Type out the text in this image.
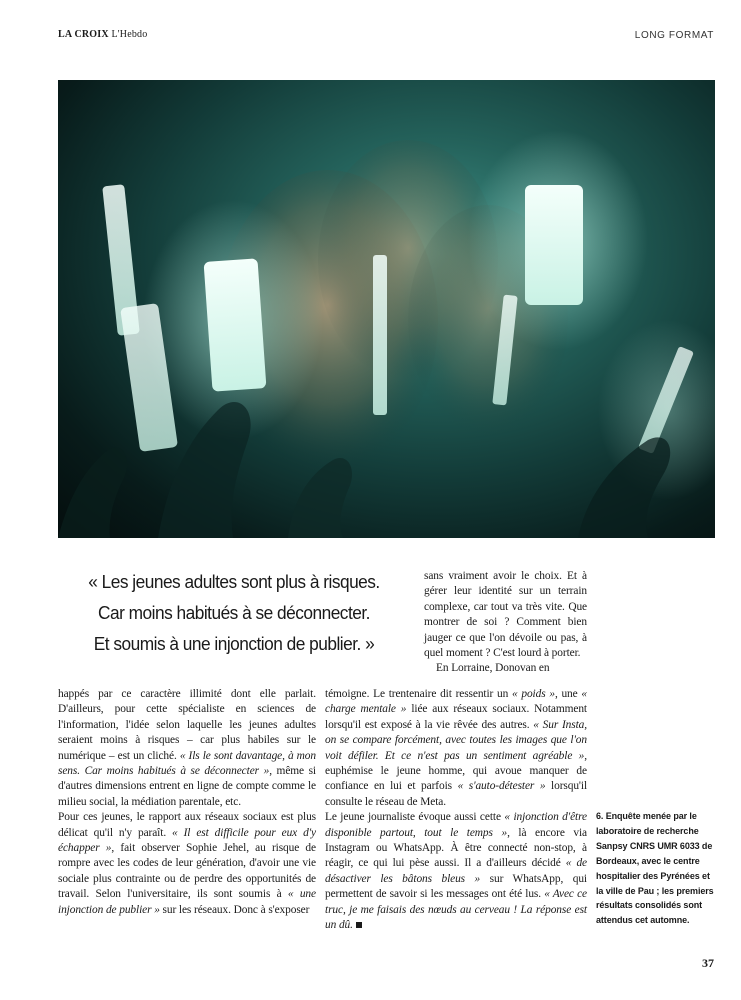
LA CROIX L'Hebdo	LONG FORMAT
« Les jeunes adultes sont plus à risques.
Car moins habitués à se déconnecter.
Et soumis à une injonction de publier. »

sans vraiment avoir le choix. Et à gérer leur identité sur un terrain complexe, car tout va très vite. Que montrer de soi ? Comment bien jauger ce que l'on dévoile ou pas, à quel moment ? C'est lourd à porter.

En Lorraine, Donovan en

happés par ce caractère illimité dont elle parlait. D'ailleurs, pour cette spécialiste en sciences de l'information, l'idée selon laquelle les jeunes adultes seraient moins à risques – car plus habiles sur le numérique – est un cliché. « Ils le sont davantage, à mon sens. Car moins habitués à se déconnecter », même si d'autres dimensions entrent en ligne de compte comme le milieu social, la médiation parentale, etc.

Pour ces jeunes, le rapport aux réseaux sociaux est plus délicat qu'il n'y paraît. « Il est difficile pour eux d'y échapper », fait observer Sophie Jehel, au risque de rompre avec les codes de leur génération, d'avoir une vie sociale plus contrainte ou de perdre des opportunités de travail. Selon l'universitaire, ils sont soumis à « une injonction de publier » sur les réseaux. Donc à s'exposer

témoigne. Le trentenaire dit ressentir un « poids », une « charge mentale » liée aux réseaux sociaux. Notamment lorsqu'il est exposé à la vie rêvée des autres. « Sur Insta, on se compare forcément, avec toutes les images que l'on voit défiler. Et ce n'est pas un sentiment agréable », euphémise le jeune homme, qui avoue manquer de confiance en lui et parfois « s'auto-détester » lorsqu'il consulte le réseau de Meta.

Le jeune journaliste évoque aussi cette « injonction d'être disponible partout, tout le temps », là encore via Instagram ou WhatsApp. À être connecté non-stop, à réagir, ce qui lui pèse aussi. Il a d'ailleurs décidé « de désactiver les bâtons bleus » sur WhatsApp, qui permettent de savoir si les messages ont été lus. « Avec ce truc, je me faisais des nœuds au cerveau ! La réponse est un dû.

6. Enquête menée par le laboratoire de recherche Sanpsy CNRS UMR 6033 de Bordeaux, avec le centre hospitalier des Pyrénées et la ville de Pau ; les premiers résultats consolidés sont attendus cet automne.
37
